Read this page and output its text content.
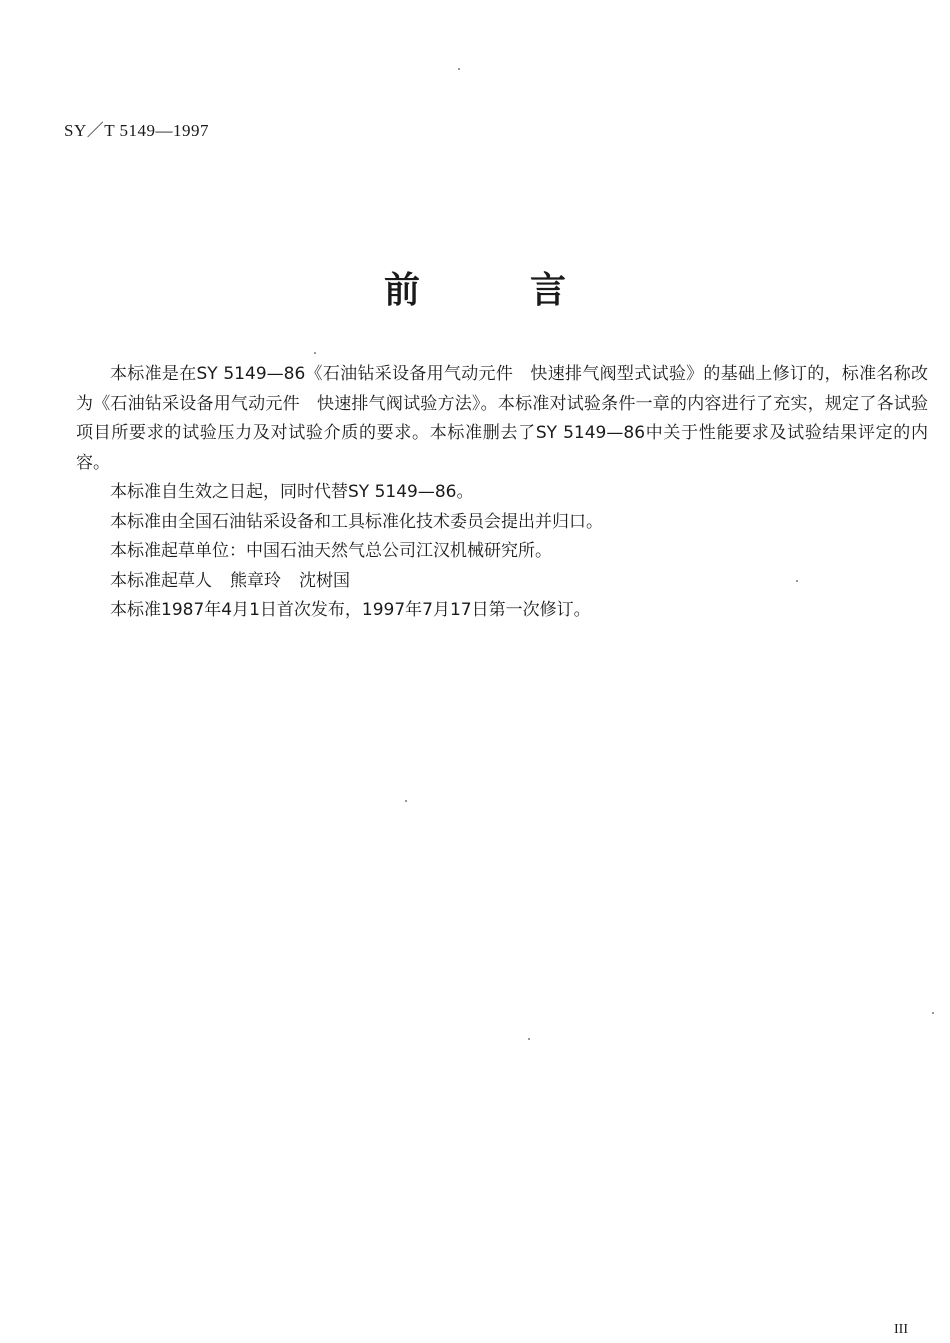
SY／T 5149—1997
前	言

本标准是在SY 5149—86《石油钻采设备用气动元件　快速排气阀型式试验》的基础上修订的，标准名称改为《石油钻采设备用气动元件　快速排气阀试验方法》。本标准对试验条件一章的内容进行了充实，规定了各试验项目所要求的试验压力及对试验介质的要求。本标准删去了SY 5149—86中关于性能要求及试验结果评定的内容。

本标准自生效之日起，同时代替SY 5149—86。

本标准由全国石油钻采设备和工具标准化技术委员会提出并归口。

本标准起草单位：中国石油天然气总公司江汉机械研究所。

本标准起草人 熊章玲 沈树国

本标准1987年4月1日首次发布，1997年7月17日第一次修订。

III
